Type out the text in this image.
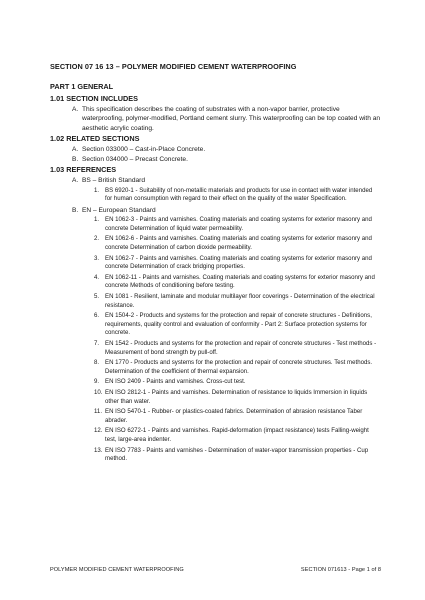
SECTION 07 16 13 – POLYMER MODIFIED CEMENT WATERPROOFING
PART 1 GENERAL
1.01 SECTION INCLUDES
A. This specification describes the coating of substrates with a non-vapor barrier, protective waterproofing, polymer-modified, Portland cement slurry. This waterproofing can be top coated with an aesthetic acrylic coating.
1.02 RELATED SECTIONS
A. Section 033000 – Cast-in-Place Concrete.
B. Section 034000 – Precast Concrete.
1.03 REFERENCES
A. BS – British Standard
1. BS 6920-1 - Suitability of non-metallic materials and products for use in contact with water intended for human consumption with regard to their effect on the quality of the water Specification.
B. EN – European Standard
1. EN 1062-3 - Paints and varnishes. Coating materials and coating systems for exterior masonry and concrete Determination of liquid water permeability.
2. EN 1062-6 - Paints and varnishes. Coating materials and coating systems for exterior masonry and concrete Determination of carbon dioxide permeability.
3. EN 1062-7 - Paints and varnishes. Coating materials and coating systems for exterior masonry and concrete Determination of crack bridging properties.
4. EN 1062-11 - Paints and varnishes. Coating materials and coating systems for exterior masonry and concrete Methods of conditioning before testing.
5. EN 1081 - Resilient, laminate and modular multilayer floor coverings - Determination of the electrical resistance.
6. EN 1504-2 - Products and systems for the protection and repair of concrete structures - Definitions, requirements, quality control and evaluation of conformity - Part 2: Surface protection systems for concrete.
7. EN 1542 - Products and systems for the protection and repair of concrete structures - Test methods - Measurement of bond strength by pull-off.
8. EN 1770 - Products and systems for the protection and repair of concrete structures. Test methods. Determination of the coefficient of thermal expansion.
9. EN ISO 2409 - Paints and varnishes. Cross-cut test.
10. EN ISO 2812-1 - Paints and varnishes. Determination of resistance to liquids Immersion in liquids other than water.
11. EN ISO 5470-1 - Rubber- or plastics-coated fabrics. Determination of abrasion resistance Taber abrader.
12. EN ISO 6272-1 - Paints and varnishes. Rapid-deformation (impact resistance) tests Falling-weight test, large-area indenter.
13. EN ISO 7783 - Paints and varnishes - Determination of water-vapor transmission properties - Cup method.
POLYMER MODIFIED CEMENT WATERPROOFING	SECTION 071613 - Page 1 of 8
